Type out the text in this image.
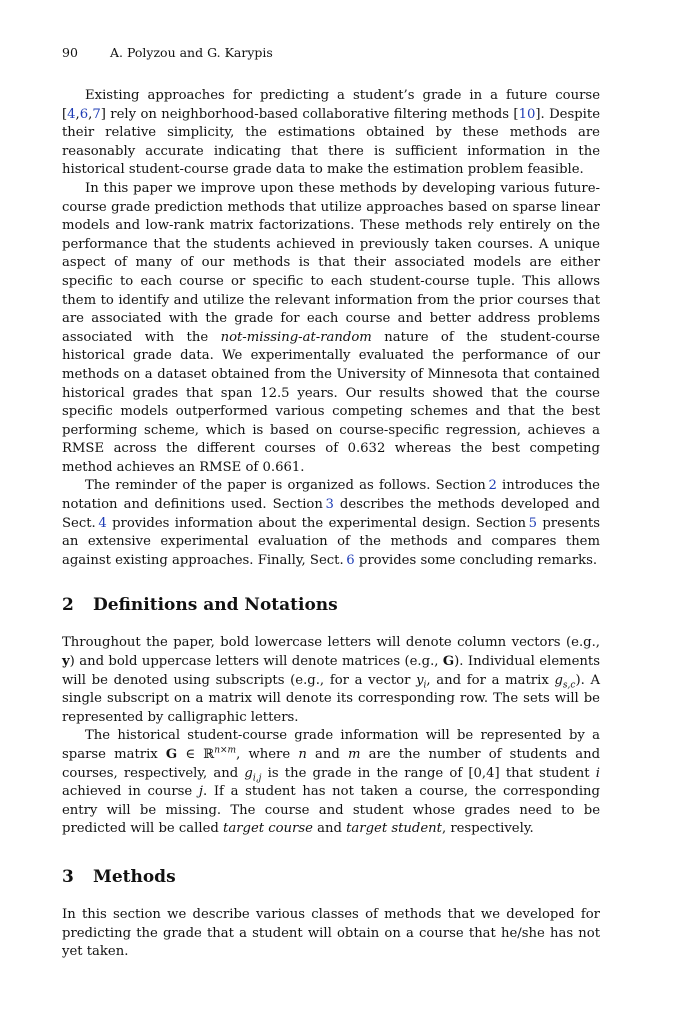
90	A. Polyzou and G. Karypis

Existing approaches for predicting a student’s grade in a future course [4,6,7] rely on neighborhood-based collaborative filtering methods [10]. Despite their relative simplicity, the estimations obtained by these methods are reasonably accurate indicating that there is sufficient information in the historical student-course grade data to make the estimation problem feasible.

In this paper we improve upon these methods by developing various future-course grade prediction methods that utilize approaches based on sparse linear models and low-rank matrix factorizations. These methods rely entirely on the performance that the students achieved in previously taken courses. A unique aspect of many of our methods is that their associated models are either specific to each course or specific to each student-course tuple. This allows them to identify and utilize the relevant information from the prior courses that are associated with the grade for each course and better address problems associated with the not-missing-at-random nature of the student-course historical grade data. We experimentally evaluated the performance of our methods on a dataset obtained from the University of Minnesota that contained historical grades that span 12.5 years. Our results showed that the course specific models outperformed various competing schemes and that the best performing scheme, which is based on course-specific regression, achieves a RMSE across the different courses of 0.632 whereas the best competing method achieves an RMSE of 0.661.

The reminder of the paper is organized as follows. Section 2 introduces the notation and definitions used. Section 3 describes the methods developed and Sect. 4 provides information about the experimental design. Section 5 presents an extensive experimental evaluation of the methods and compares them against existing approaches. Finally, Sect. 6 provides some concluding remarks.

2 Definitions and Notations

Throughout the paper, bold lowercase letters will denote column vectors (e.g., y) and bold uppercase letters will denote matrices (e.g., G). Individual elements will be denoted using subscripts (e.g., for a vector $y_i$, and for a matrix $g_{s,c}$). A single subscript on a matrix will denote its corresponding row. The sets will be represented by calligraphic letters.

The historical student-course grade information will be represented by a sparse matrix G ∈ ℝ$^{n\times m}$, where n and m are the number of students and courses, respectively, and $g_{i,j}$ is the grade in the range of [0,4] that student i achieved in course j. If a student has not taken a course, the corresponding entry will be missing. The course and student whose grades need to be predicted will be called target course and target student, respectively.

3 Methods

In this section we describe various classes of methods that we developed for predicting the grade that a student will obtain on a course that he/she has not yet taken.
